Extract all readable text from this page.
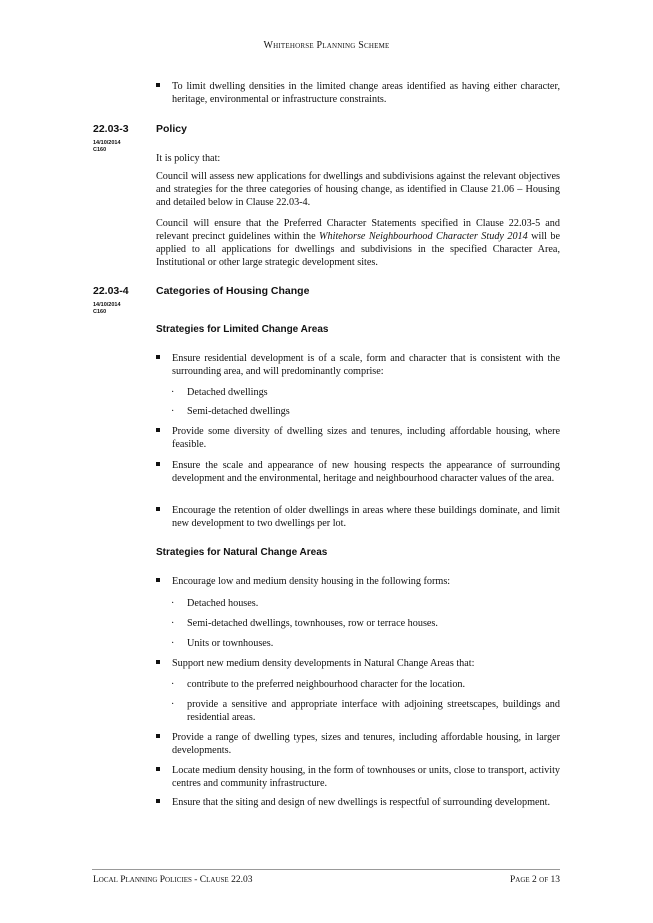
Whitehorse Planning Scheme
To limit dwelling densities in the limited change areas identified as having either character, heritage, environmental or infrastructure constraints.
22.03-3	Policy
14/10/2014
C160
It is policy that:
Council will assess new applications for dwellings and subdivisions against the relevant objectives and strategies for the three categories of housing change, as identified in Clause 21.06 – Housing and detailed below in Clause 22.03-4.
Council will ensure that the Preferred Character Statements specified in Clause 22.03-5 and relevant precinct guidelines within the Whitehorse Neighbourhood Character Study 2014 will be applied to all applications for dwellings and subdivisions in the specified Character Area, Institutional or other large strategic development sites.
22.03-4	Categories of Housing Change
14/10/2014
C160
Strategies for Limited Change Areas
Ensure residential development is of a scale, form and character that is consistent with the surrounding area, and will predominantly comprise:
· Detached dwellings
· Semi-detached dwellings
Provide some diversity of dwelling sizes and tenures, including affordable housing, where feasible.
Ensure the scale and appearance of new housing respects the appearance of surrounding development and the environmental, heritage and neighbourhood character values of the area.
Encourage the retention of older dwellings in areas where these buildings dominate, and limit new development to two dwellings per lot.
Strategies for Natural Change Areas
Encourage low and medium density housing in the following forms:
· Detached houses.
· Semi-detached dwellings, townhouses, row or terrace houses.
· Units or townhouses.
Support new medium density developments in Natural Change Areas that:
· contribute to the preferred neighbourhood character for the location.
· provide a sensitive and appropriate interface with adjoining streetscapes, buildings and residential areas.
Provide a range of dwelling types, sizes and tenures, including affordable housing, in larger developments.
Locate medium density housing, in the form of townhouses or units, close to transport, activity centres and community infrastructure.
Ensure that the siting and design of new dwellings is respectful of surrounding development.
Local Planning Policies - Clause 22.03	Page 2 of 13
